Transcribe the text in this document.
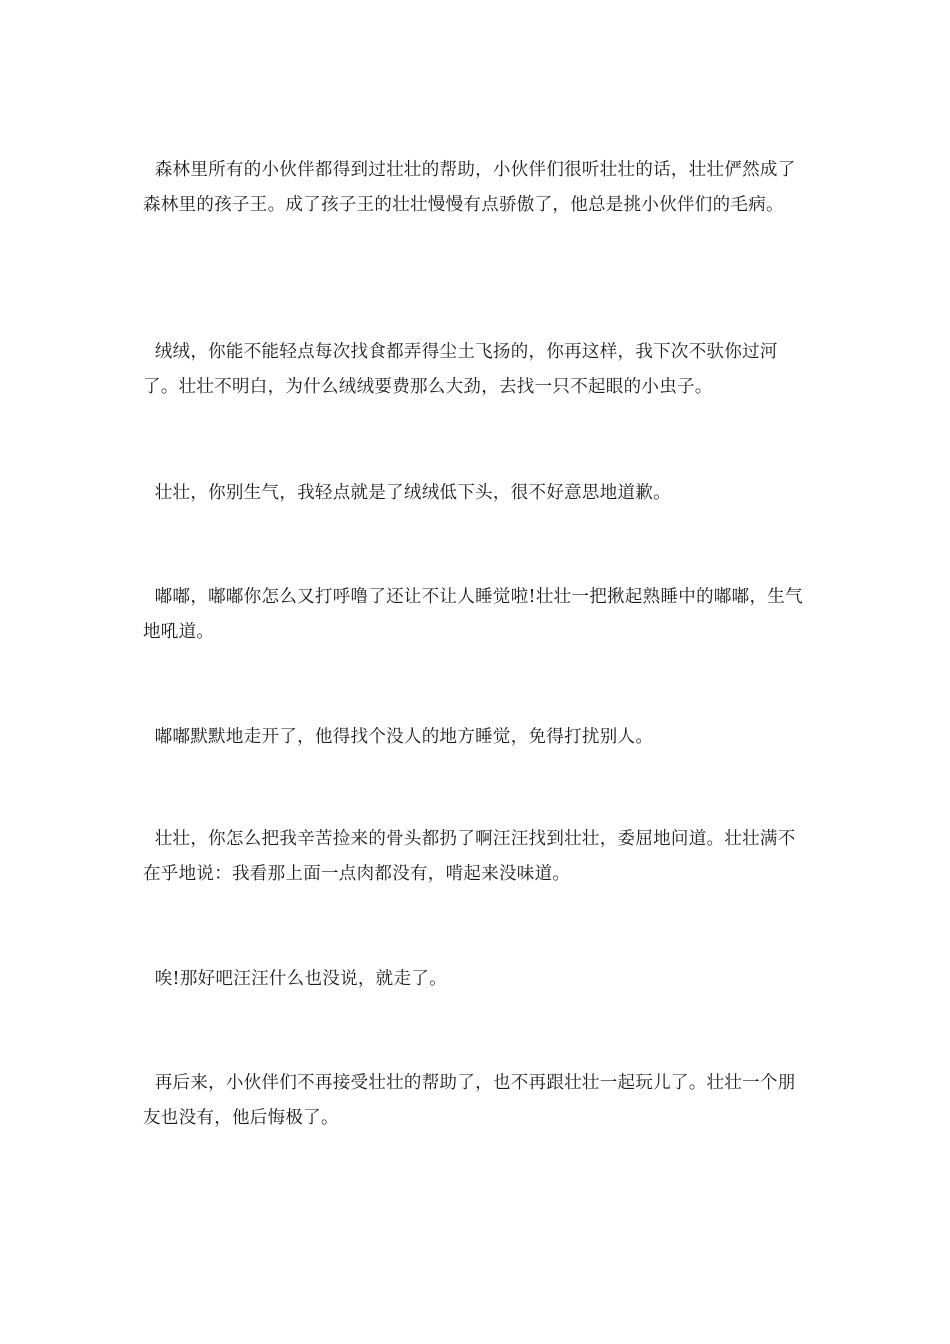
森林里所有的小伙伴都得到过壮壮的帮助，小伙伴们很听壮壮的话，壮壮俨然成了森林里的孩子王。成了孩子王的壮壮慢慢有点骄傲了，他总是挑小伙伴们的毛病。

绒绒，你能不能轻点每次找食都弄得尘土飞扬的，你再这样，我下次不驮你过河了。壮壮不明白，为什么绒绒要费那么大劲，去找一只不起眼的小虫子。

壮壮，你别生气，我轻点就是了绒绒低下头，很不好意思地道歉。

嘟嘟，嘟嘟你怎么又打呼噜了还让不让人睡觉啦!壮壮一把揪起熟睡中的嘟嘟，生气地吼道。

嘟嘟默默地走开了，他得找个没人的地方睡觉，免得打扰别人。

壮壮，你怎么把我辛苦捡来的骨头都扔了啊汪汪找到壮壮，委屈地问道。壮壮满不在乎地说：我看那上面一点肉都没有，啃起来没味道。

唉!那好吧汪汪什么也没说，就走了。

再后来，小伙伴们不再接受壮壮的帮助了，也不再跟壮壮一起玩儿了。壮壮一个朋友也没有，他后悔极了。
